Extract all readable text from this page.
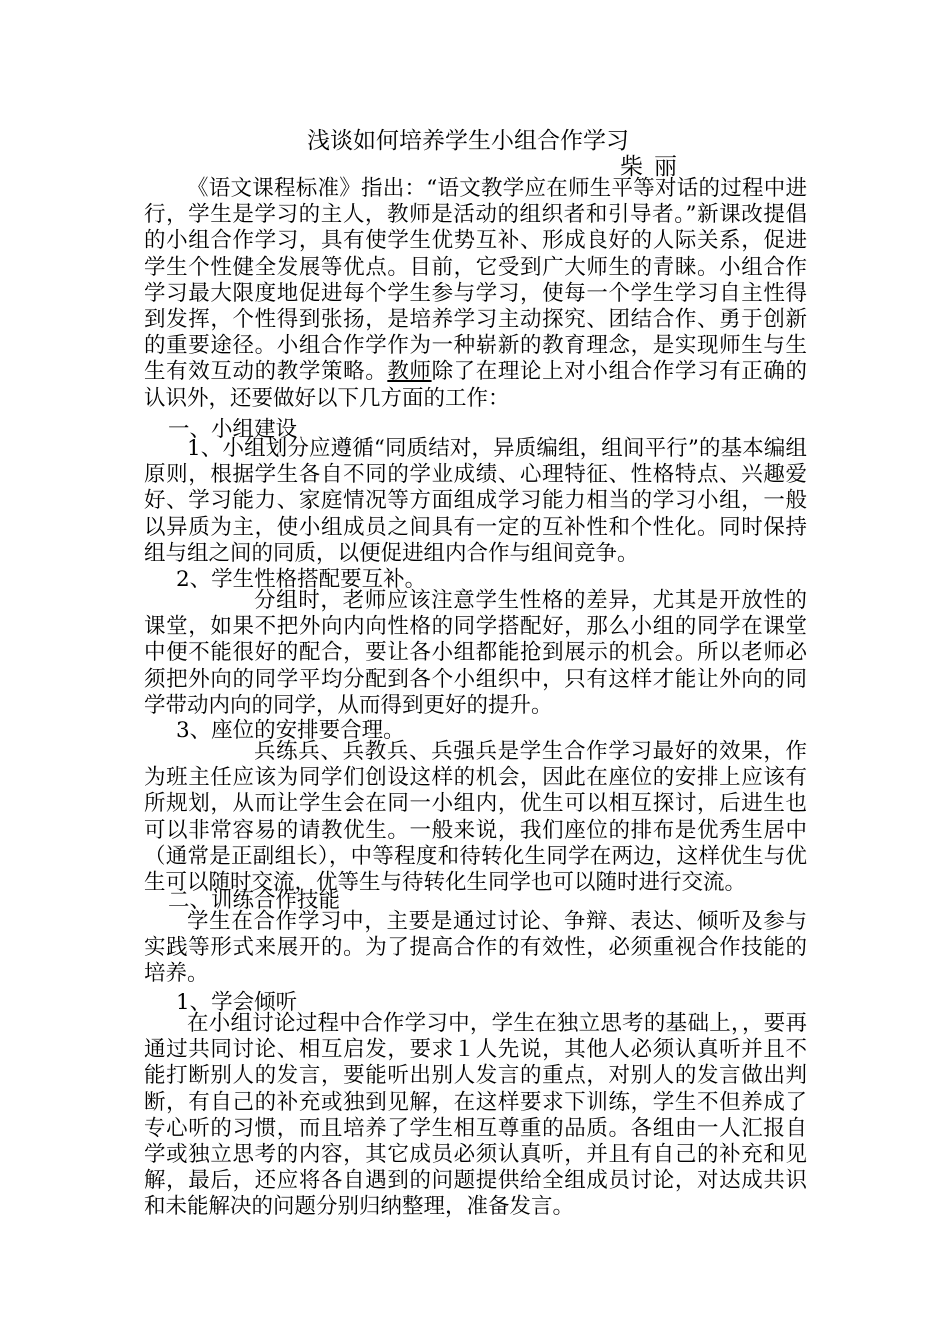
浅谈如何培养学生小组合作学习
柴丽
《语文课程标准》指出：“语文教学应在师生平等对话的过程中进行，学生是学习的主人，教师是活动的组织者和引导者。”新课改提倡的小组合作学习，具有使学生优势互补、形成良好的人际关系，促进学生个性健全发展等优点。目前，它受到广大师生的青睐。小组合作学习最大限度地促进每个学生参与学习，使每一个学生学习自主性得到发挥，个性得到张扬，是培养学习主动探究、团结合作、勇于创新的重要途径。小组合作学作为一种崭新的教育理念，是实现师生与生生有效互动的教学策略。教师除了在理论上对小组合作学习有正确的认识外，还要做好以下几方面的工作：
一、小组建设
1、小组划分应遵循“同质结对，异质编组，组间平行”的基本编组原则，根据学生各自不同的学业成绩、心理特征、性格特点、兴趣爱好、学习能力、家庭情况等方面组成学习能力相当的学习小组，一般以异质为主，使小组成员之间具有一定的互补性和个性化。同时保持组与组之间的同质，以便促进组内合作与组间竞争。
2、学生性格搭配要互补。
分组时，老师应该注意学生性格的差异，尤其是开放性的课堂，如果不把外向内向性格的同学搭配好，那么小组的同学在课堂中便不能很好的配合，要让各小组都能抢到展示的机会。所以老师必须把外向的同学平均分配到各个小组织中，只有这样才能让外向的同学带动内向的同学，从而得到更好的提升。
3、座位的安排要合理。
兵练兵、兵教兵、兵强兵是学生合作学习最好的效果，作为班主任应该为同学们创设这样的机会，因此在座位的安排上应该有所规划，从而让学生会在同一小组内，优生可以相互探讨，后进生也可以非常容易的请教优生。一般来说，我们座位的排布是优秀生居中（通常是正副组长），中等程度和待转化生同学在两边，这样优生与优生可以随时交流，优等生与待转化生同学也可以随时进行交流。
二、训练合作技能
学生在合作学习中，主要是通过讨论、争辩、表达、倾听及参与实践等形式来展开的。为了提高合作的有效性，必须重视合作技能的培养。
1、学会倾听
在小组讨论过程中合作学习中，学生在独立思考的基础上，，要再通过共同讨论、相互启发，要求１人先说，其他人必须认真听并且不能打断别人的发言，要能听出别人发言的重点，对别人的发言做出判断，有自己的补充或独到见解，在这样要求下训练，学生不但养成了专心听的习惯，而且培养了学生相互尊重的品质。各组由一人汇报自学或独立思考的内容，其它成员必须认真听，并且有自己的补充和见解，最后，还应将各自遇到的问题提供给全组成员讨论，对达成共识和未能解决的问题分别归纳整理，准备发言。
